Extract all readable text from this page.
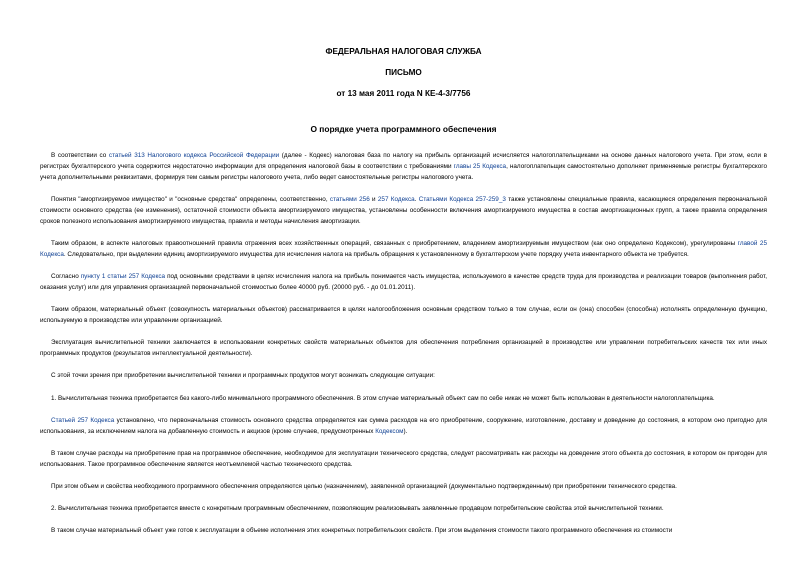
ФЕДЕРАЛЬНАЯ НАЛОГОВАЯ СЛУЖБА
ПИСЬМО
от 13 мая 2011 года N КЕ-4-3/7756
О порядке учета программного обеспечения

В соответствии со статьей 313 Налогового кодекса Российской Федерации (далее - Кодекс) налоговая база по налогу на прибыль организаций исчисляется налогоплательщиками на основе данных налогового учета. При этом, если в регистрах бухгалтерского учета содержится недостаточно информации для определения налоговой базы в соответствии с требованиями главы 25 Кодекса, налогоплательщик самостоятельно дополняет применяемые регистры бухгалтерского учета дополнительными реквизитами, формируя тем самым регистры налогового учета, либо ведет самостоятельные регистры налогового учета.

Понятия "амортизируемое имущество" и "основные средства" определены, соответственно, статьями 256 и 257 Кодекса. Статьями Кодекса 257-259_3 также установлены специальные правила, касающиеся определения первоначальной стоимости основного средства (ее изменения), остаточной стоимости объекта амортизируемого имущества, установлены особенности включения амортизируемого имущества в состав амортизационных групп, а также правила определения сроков полезного использования амортизируемого имущества, правила и методы начисления амортизации.

Таким образом, в аспекте налоговых правоотношений правила отражения всех хозяйственных операций, связанных с приобретением, владением амортизируемым имуществом (как оно определено Кодексом), урегулированы главой 25 Кодекса. Следовательно, при выделении единиц амортизируемого имущества для исчисления налога на прибыль обращения к установленному в бухгалтерском учете порядку учета инвентарного объекта не требуется.

Согласно пункту 1 статьи 257 Кодекса под основными средствами в целях исчисления налога на прибыль понимается часть имущества, используемого в качестве средств труда для производства и реализации товаров (выполнения работ, оказания услуг) или для управления организацией первоначальной стоимостью более 40000 руб. (20000 руб. - до 01.01.2011).

Таким образом, материальный объект (совокупность материальных объектов) рассматривается в целях налогообложения основным средством только в том случае, если он (она) способен (способна) исполнять определенную функцию, используемую в производстве или управлении организацией.

Эксплуатация вычислительной техники заключается в использовании конкретных свойств материальных объектов для обеспечения потребления организацией в производстве или управлении потребительских качеств тех или иных программных продуктов (результатов интеллектуальной деятельности).

С этой точки зрения при приобретении вычислительной техники и программных продуктов могут возникать следующие ситуации:

1. Вычислительная техника приобретается без какого-либо минимального программного обеспечения. В этом случае материальный объект сам по себе никак не может быть использован в деятельности налогоплательщика.

Статьей 257 Кодекса установлено, что первоначальная стоимость основного средства определяется как сумма расходов на его приобретение, сооружение, изготовление, доставку и доведение до состояния, в котором оно пригодно для использования, за исключением налога на добавленную стоимость и акцизов (кроме случаев, предусмотренных Кодексом).

В таком случае расходы на приобретение прав на программное обеспечение, необходимое для эксплуатации технического средства, следует рассматривать как расходы на доведение этого объекта до состояния, в котором он пригоден для использования. Такое программное обеспечение является неотъемлемой частью технического средства.

При этом объем и свойства необходимого программного обеспечения определяются целью (назначением), заявленной организацией (документально подтвержденным) при приобретении технического средства.

2. Вычислительная техника приобретается вместе с конкретным программным обеспечением, позволяющим реализовывать заявленные продавцом потребительские свойства этой вычислительной техники.

В таком случае материальный объект уже готов к эксплуатации в объеме исполнения этих конкретных потребительских свойств. При этом выделения стоимости такого программного обеспечения из стоимости
